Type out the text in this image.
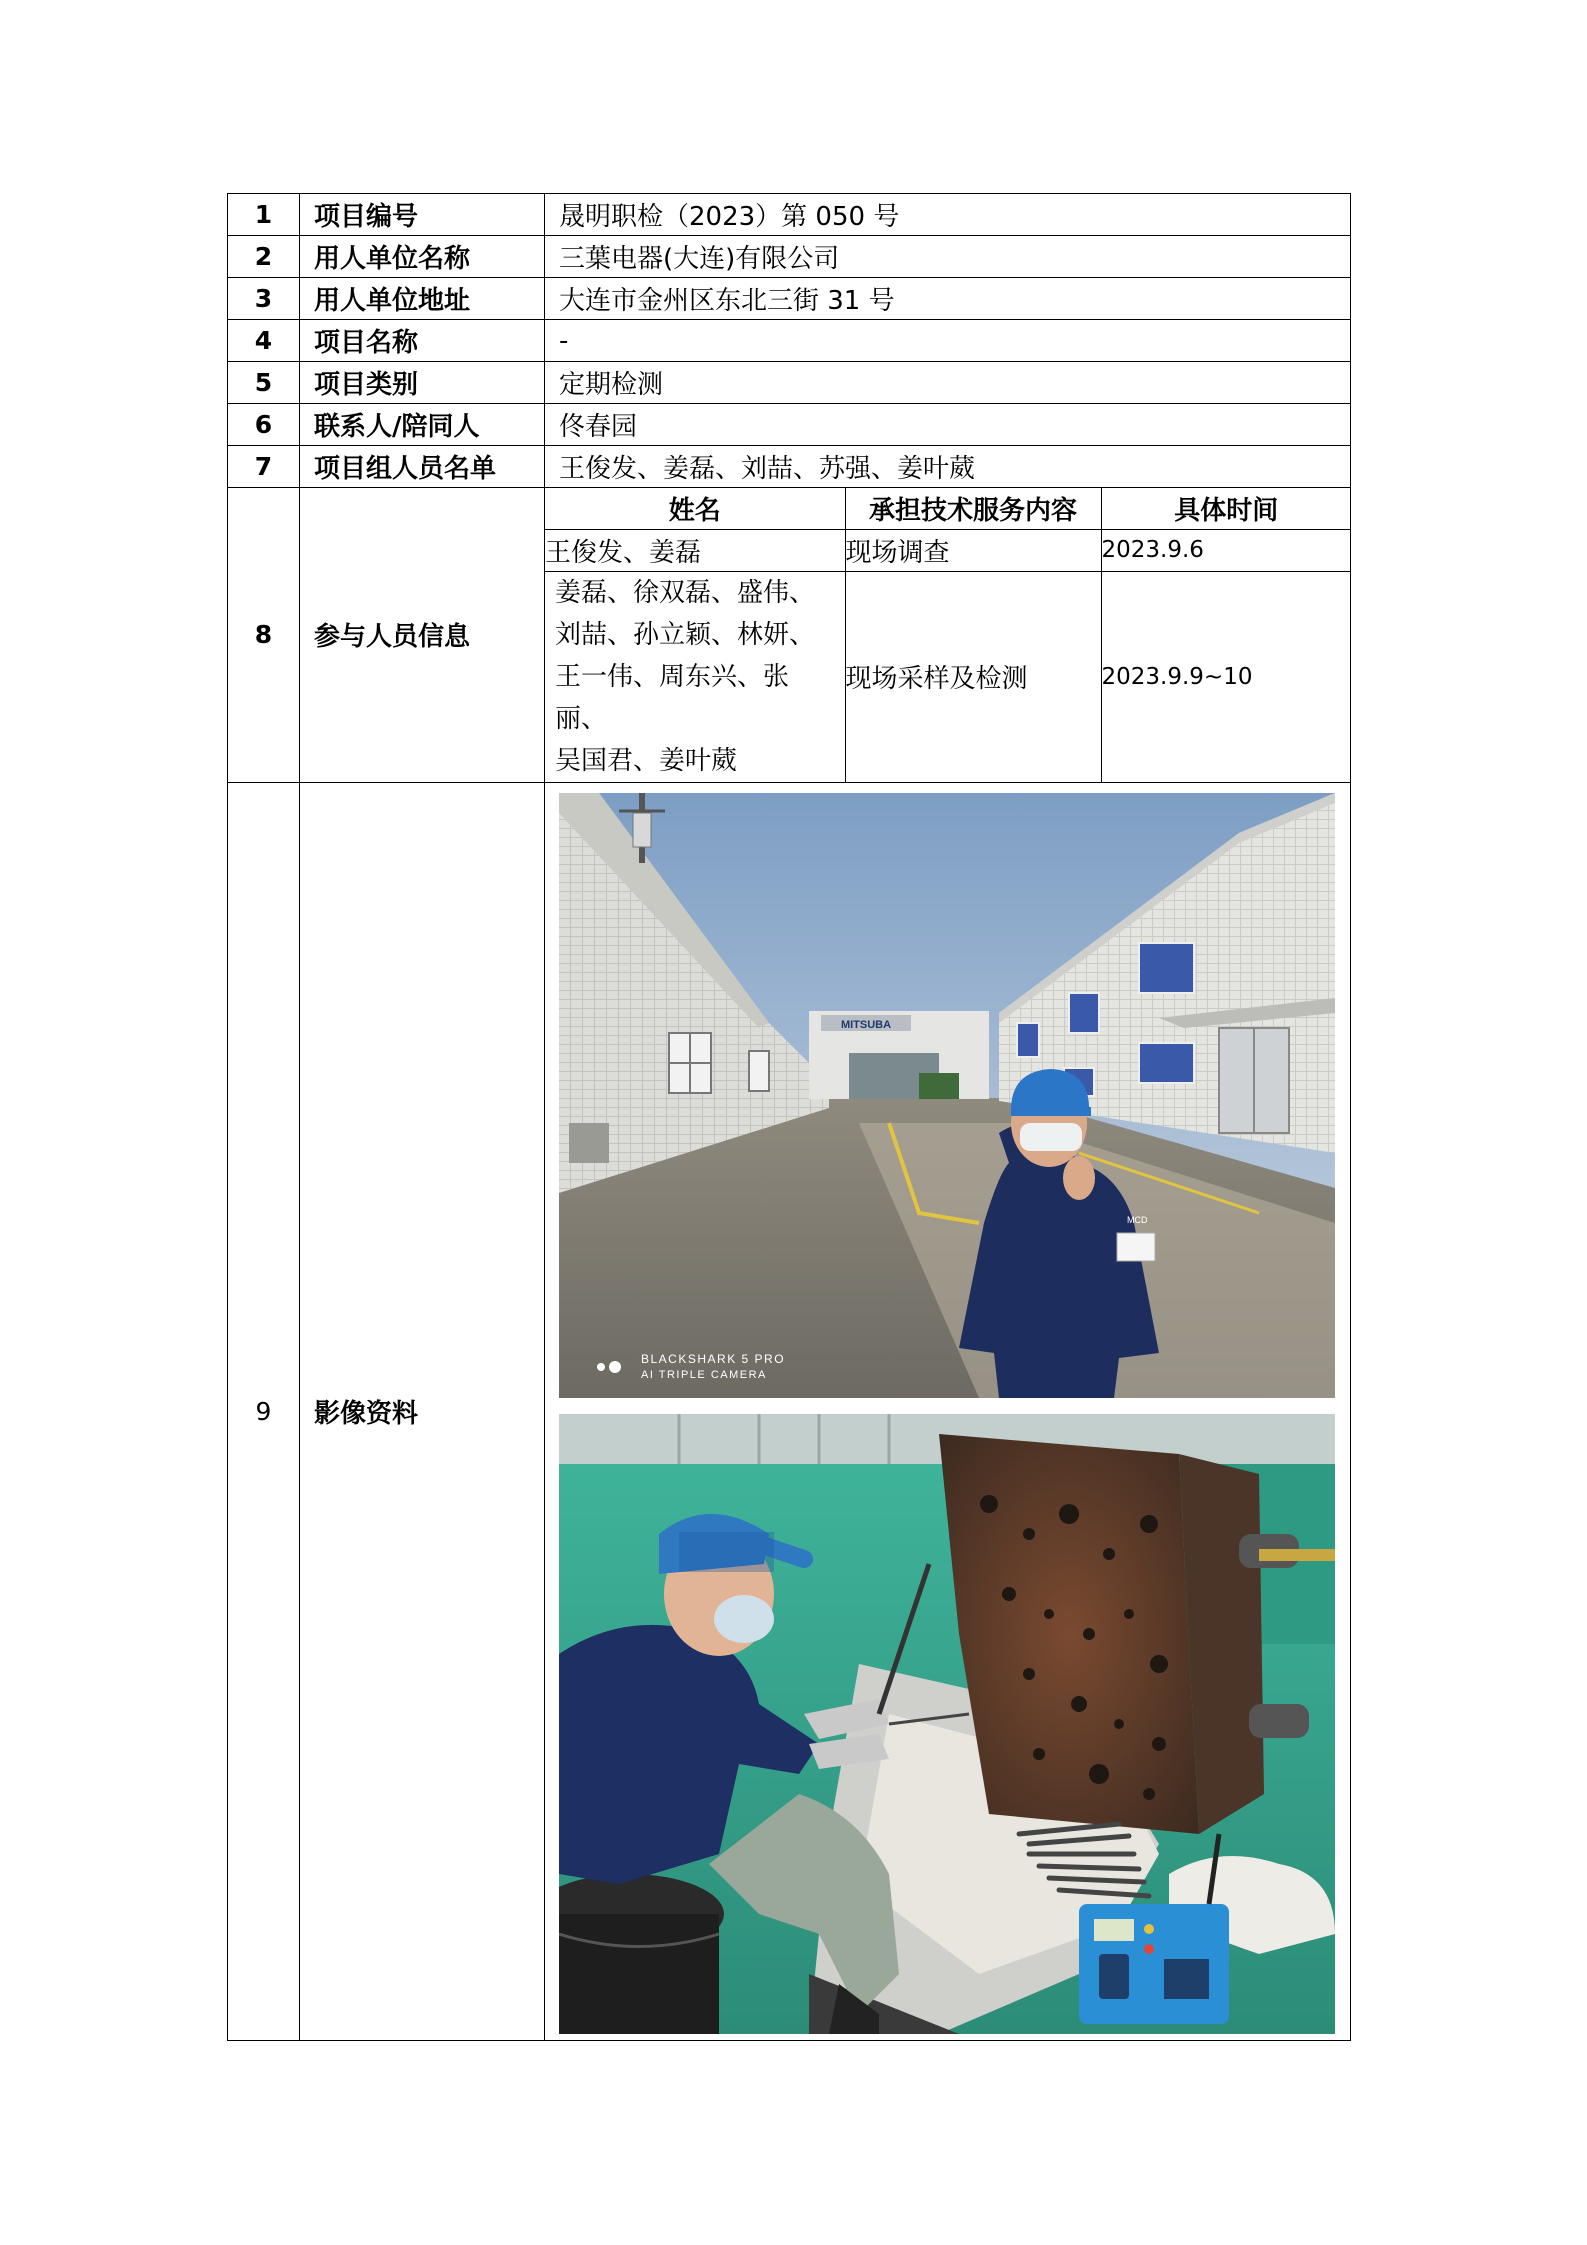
1	项目编号	晟明职检（2023）第 050 号
2	用人单位名称	三葉电器(大连)有限公司
3	用人单位地址	大连市金州区东北三街 31 号
4	项目名称	-
5	项目类别	定期检测
6	联系人/陪同人	佟春园
7	项目组人员名单	王俊发、姜磊、刘喆、苏强、姜叶葳
8	参与人员信息	
姓名	承担技术服务内容	具体时间
王俊发、姜磊	现场调查	2023.9.6

姜磊、徐双磊、盛伟、
刘喆、孙立颖、林妍、
王一伟、周东兴、张丽、
吴国君、姜叶葳
	现场采样及检测	2023.9.9~10

9	影像资料	
MITSUBA
MCD
BLACKSHARK 5 PRO
AI TRIPLE CAMERA
